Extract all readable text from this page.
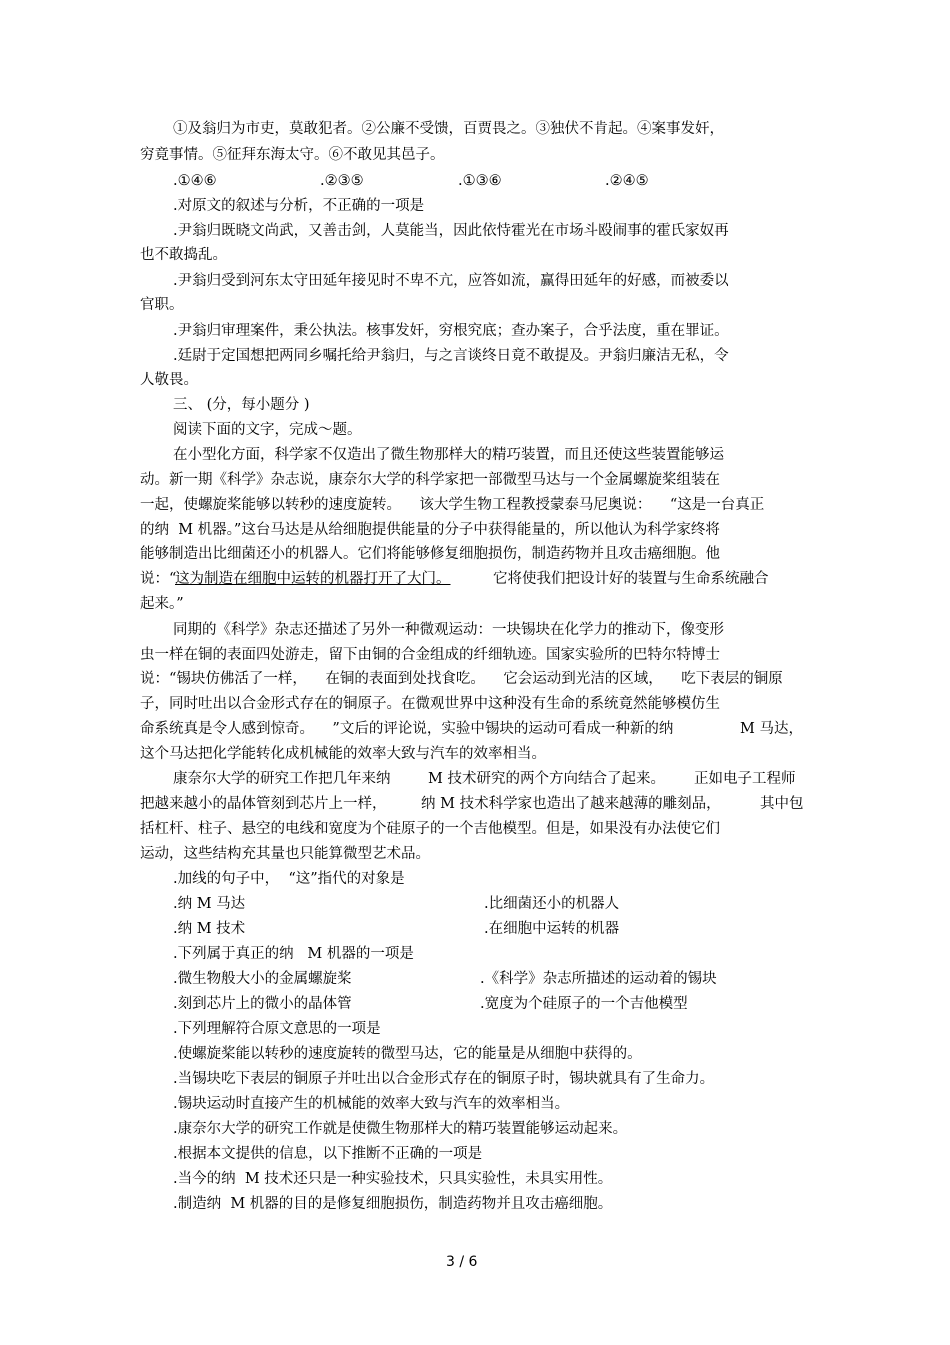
①及翁归为市吏，莫敢犯者。②公廉不受馈，百贾畏之。③独伏不肯起。④案事发奸，
穷竟事情。⑤征拜东海太守。⑥不敢见其邑子。
.①④⑥	.②③⑤	.①③⑥	.②④⑤
.对原文的叙述与分析，不正确的一项是
.尹翁归既晓文尚武，又善击剑，人莫能当，因此依恃霍光在市场斗殴闹事的霍氏家奴再
也不敢捣乱。
.尹翁归受到河东太守田延年接见时不卑不亢，应答如流，赢得田延年的好感，而被委以
官职。
.尹翁归审理案件，秉公执法。核事发奸，穷根究底；查办案子，合乎法度，重在罪证。
.廷尉于定国想把两同乡嘱托给尹翁归，与之言谈终日竟不敢提及。尹翁归廉洁无私，令
人敬畏。
三、 (分，每小题分 )
阅读下面的文字，完成～题。
在小型化方面，科学家不仅造出了微生物那样大的精巧装置，而且还使这些装置能够运
动。新一期《科学》杂志说，康奈尔大学的科学家把一部微型马达与一个金属螺旋桨组装在
一起，使螺旋桨能够以转秒的速度旋转。    该大学生物工程教授蒙泰马尼奥说：    “这是一台真正
的纳  M 机器。”这台马达是从给细胞提供能量的分子中获得能量的，所以他认为科学家终将
能够制造出比细菌还小的机器人。它们将能够修复细胞损伤，制造药物并且攻击癌细胞。他
说：“
这为制造在细胞中运转的机器打开了大门。	它将使我们把设计好的装置与生命系统融合
起来。”
同期的《科学》杂志还描述了另外一种微观运动：一块锡块在化学力的推动下，像变形
虫一样在铜的表面四处游走，留下由铜的合金组成的纤细轨迹。国家实验所的巴特尔特博士
说：“锡块仿佛活了一样，    在铜的表面到处找食吃。    它会运动到光洁的区域，    吃下表层的铜原
子，同时吐出以合金形式存在的铜原子。在微观世界中这种没有生命的系统竟然能够模仿生
命系统真是令人感到惊奇。    ”文后的评论说，实验中锡块的运动可看成一种新的纳	M 马达，
这个马达把化学能转化成机械能的效率大致与汽车的效率相当。
康奈尔大学的研究工作把几年来纳	M 技术研究的两个方向结合了起来。 正如电子工程师
把越来越小的晶体管刻到芯片上一样， 纳 M 技术科学家也造出了越来越薄的雕刻品，	其中包
括杠杆、柱子、悬空的电线和宽度为个硅原子的一个吉他模型。但是，如果没有办法使它们
运动，这些结构充其量也只能算微型艺术品。
.加线的句子中，  “这”指代的对象是
.纳 M 马达	.比细菌还小的机器人
.纳 M 技术	.在细胞中运转的机器
.下列属于真正的纳   M 机器的一项是
.微生物般大小的金属螺旋桨	.《科学》杂志所描述的运动着的锡块
.刻到芯片上的微小的晶体管	.宽度为个硅原子的一个吉他模型
.下列理解符合原文意思的一项是
.使螺旋桨能以转秒的速度旋转的微型马达，它的能量是从细胞中获得的。
.当锡块吃下表层的铜原子并吐出以合金形式存在的铜原子时，锡块就具有了生命力。
.锡块运动时直接产生的机械能的效率大致与汽车的效率相当。
.康奈尔大学的研究工作就是使微生物那样大的精巧装置能够运动起来。
.根据本文提供的信息，以下推断不正确的一项是
.当今的纳  M 技术还只是一种实验技术，只具实验性，未具实用性。
.制造纳  M 机器的目的是修复细胞损伤，制造药物并且攻击癌细胞。
3 / 6
